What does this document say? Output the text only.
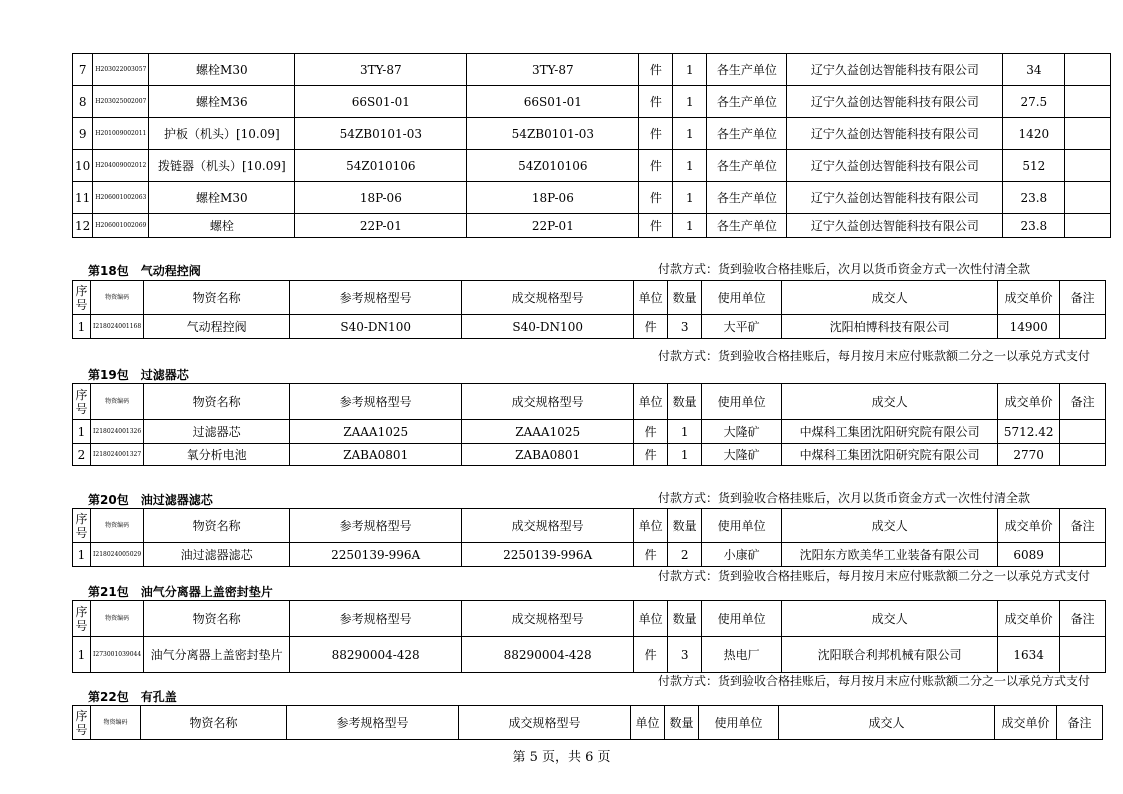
7	H203022003057	螺栓M30	3TY-87	3TY-87	件	1	各生产单位	辽宁久益创达智能科技有限公司	34	
8	H203025002007	螺栓M36	66S01-01	66S01-01	件	1	各生产单位	辽宁久益创达智能科技有限公司	27.5	
9	H201009002011	护板（机头）[10.09]	54ZB0101-03	54ZB0101-03	件	1	各生产单位	辽宁久益创达智能科技有限公司	1420	
10	H204009002012	拨链器（机头）[10.09]	54Z010106	54Z010106	件	1	各生产单位	辽宁久益创达智能科技有限公司	512	
11	H206001002063	螺栓M30	18P-06	18P-06	件	1	各生产单位	辽宁久益创达智能科技有限公司	23.8	
12	H206001002069	螺栓	22P-01	22P-01	件	1	各生产单位	辽宁久益创达智能科技有限公司	23.8	
第18包　气动程控阀	付款方式：货到验收合格挂账后，次月以货币资金方式一次性付清全款
序号	物资编码	物资名称	参考规格型号	成交规格型号	单位	数量	使用单位	成交人	成交单价	备注
1	I218024001168	气动程控阀	S40-DN100	S40-DN100	件	3	大平矿	沈阳柏博科技有限公司	14900	
第19包　过滤器芯
付款方式：货到验收合格挂账后，每月按月末应付账款额二分之一以承兑方式支付
序号	物资编码	物资名称	参考规格型号	成交规格型号	单位	数量	使用单位	成交人	成交单价	备注
1	I218024001326	过滤器芯	ZAAA1025	ZAAA1025	件	1	大隆矿	中煤科工集团沈阳研究院有限公司	5712.42	
2	I218024001327	氧分析电池	ZABA0801	ZABA0801	件	1	大隆矿	中煤科工集团沈阳研究院有限公司	2770	
第20包　油过滤器滤芯	付款方式：货到验收合格挂账后，次月以货币资金方式一次性付清全款
序号	物资编码	物资名称	参考规格型号	成交规格型号	单位	数量	使用单位	成交人	成交单价	备注
1	I218024005029	油过滤器滤芯	2250139-996A	2250139-996A	件	2	小康矿	沈阳东方欧美华工业装备有限公司	6089	
第21包　油气分离器上盖密封垫片
付款方式：货到验收合格挂账后，每月按月末应付账款额二分之一以承兑方式支付
序号	物资编码	物资名称	参考规格型号	成交规格型号	单位	数量	使用单位	成交人	成交单价	备注
1	I273001039044	油气分离器上盖密封垫片	88290004-428	88290004-428	件	3	热电厂	沈阳联合利邦机械有限公司	1634	
第22包　有孔盖
付款方式：货到验收合格挂账后，每月按月末应付账款额二分之一以承兑方式支付
序号	物资编码	物资名称	参考规格型号	成交规格型号	单位	数量	使用单位	成交人	成交单价	备注
第 5 页，共 6 页
